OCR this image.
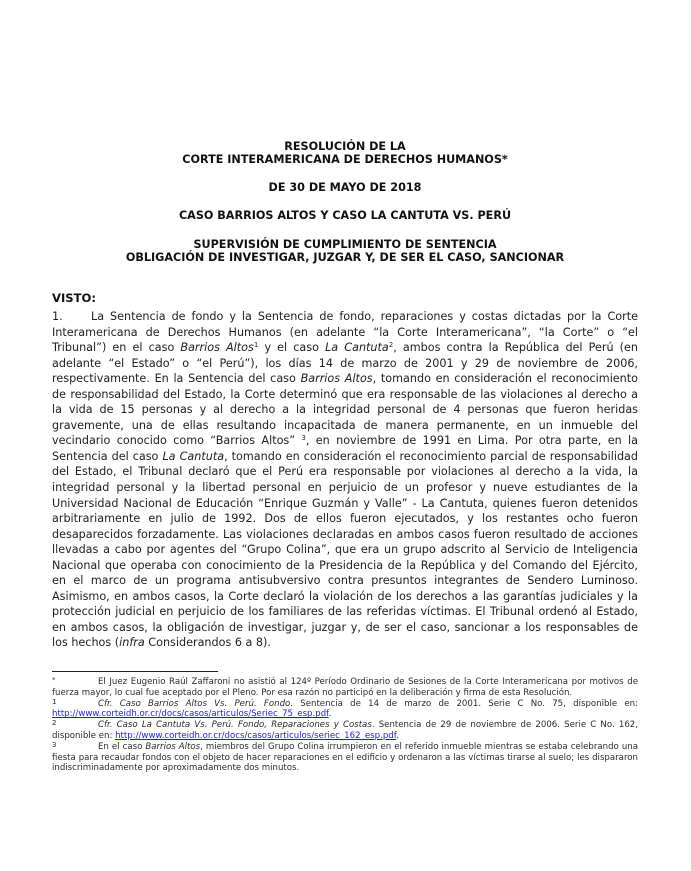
RESOLUCIÓN DE LA
CORTE INTERAMERICANA DE DERECHOS HUMANOS*
DE 30 DE MAYO DE 2018
CASO BARRIOS ALTOS Y CASO LA CANTUTA VS. PERÚ
SUPERVISIÓN DE CUMPLIMIENTO DE SENTENCIA
OBLIGACIÓN DE INVESTIGAR, JUZGAR Y, DE SER EL CASO, SANCIONAR
VISTO:
1.	La Sentencia de fondo y la Sentencia de fondo, reparaciones y costas dictadas por la Corte Interamericana de Derechos Humanos (en adelante “la Corte Interamericana”, “la Corte” o “el Tribunal”) en el caso Barrios Altos$^1$ y el caso La Cantuta$^2$, ambos contra la República del Perú (en adelante “el Estado” o “el Perú”), los días 14 de marzo de 2001 y 29 de noviembre de 2006, respectivamente. En la Sentencia del caso Barrios Altos, tomando en consideración el reconocimiento de responsabilidad del Estado, la Corte determinó que era responsable de las violaciones al derecho a la vida de 15 personas y al derecho a la integridad personal de 4 personas que fueron heridas gravemente, una de ellas resultando incapacitada de manera permanente, en un inmueble del vecindario conocido como “Barrios Altos” $^3$, en noviembre de 1991 en Lima. Por otra parte, en la Sentencia del caso La Cantuta, tomando en consideración el reconocimiento parcial de responsabilidad del Estado, el Tribunal declaró que el Perú era responsable por violaciones al derecho a la vida, la integridad personal y la libertad personal en perjuicio de un profesor y nueve estudiantes de la Universidad Nacional de Educación “Enrique Guzmán y Valle” - La Cantuta, quienes fueron detenidos arbitrariamente en julio de 1992. Dos de ellos fueron ejecutados, y los restantes ocho fueron desaparecidos forzadamente. Las violaciones declaradas en ambos casos fueron resultado de acciones llevadas a cabo por agentes del “Grupo Colina”, que era un grupo adscrito al Servicio de Inteligencia Nacional que operaba con conocimiento de la Presidencia de la República y del Comando del Ejército, en el marco de un programa antisubversivo contra presuntos integrantes de Sendero Luminoso. Asimismo, en ambos casos, la Corte declaró la violación de los derechos a las garantías judiciales y la protección judicial en perjuicio de los familiares de las referidas víctimas. El Tribunal ordenó al Estado, en ambos casos, la obligación de investigar, juzgar y, de ser el caso, sancionar a los responsables de los hechos (infra Considerandos 6 a 8).

*	El Juez Eugenio Raúl Zaffaroni no asistió al 124º Período Ordinario de Sesiones de la Corte Interamericana por motivos de fuerza mayor, lo cual fue aceptado por el Pleno. Por esa razón no participó en la deliberación y firma de esta Resolución.

1	Cfr. Caso Barrios Altos Vs. Perú. Fondo. Sentencia de 14 de marzo de 2001. Serie C No. 75, disponible en: http://www.corteidh.or.cr/docs/casos/articulos/Seriec_75_esp.pdf.

2	Cfr. Caso La Cantuta Vs. Perú. Fondo, Reparaciones y Costas. Sentencia de 29 de noviembre de 2006. Serie C No. 162, disponible en: http://www.corteidh.or.cr/docs/casos/articulos/seriec_162_esp.pdf.

3	En el caso Barrios Altos, miembros del Grupo Colina irrumpieron en el referido inmueble mientras se estaba celebrando una fiesta para recaudar fondos con el objeto de hacer reparaciones en el edificio y ordenaron a las víctimas tirarse al suelo; les dispararon indiscriminadamente por aproximadamente dos minutos.
